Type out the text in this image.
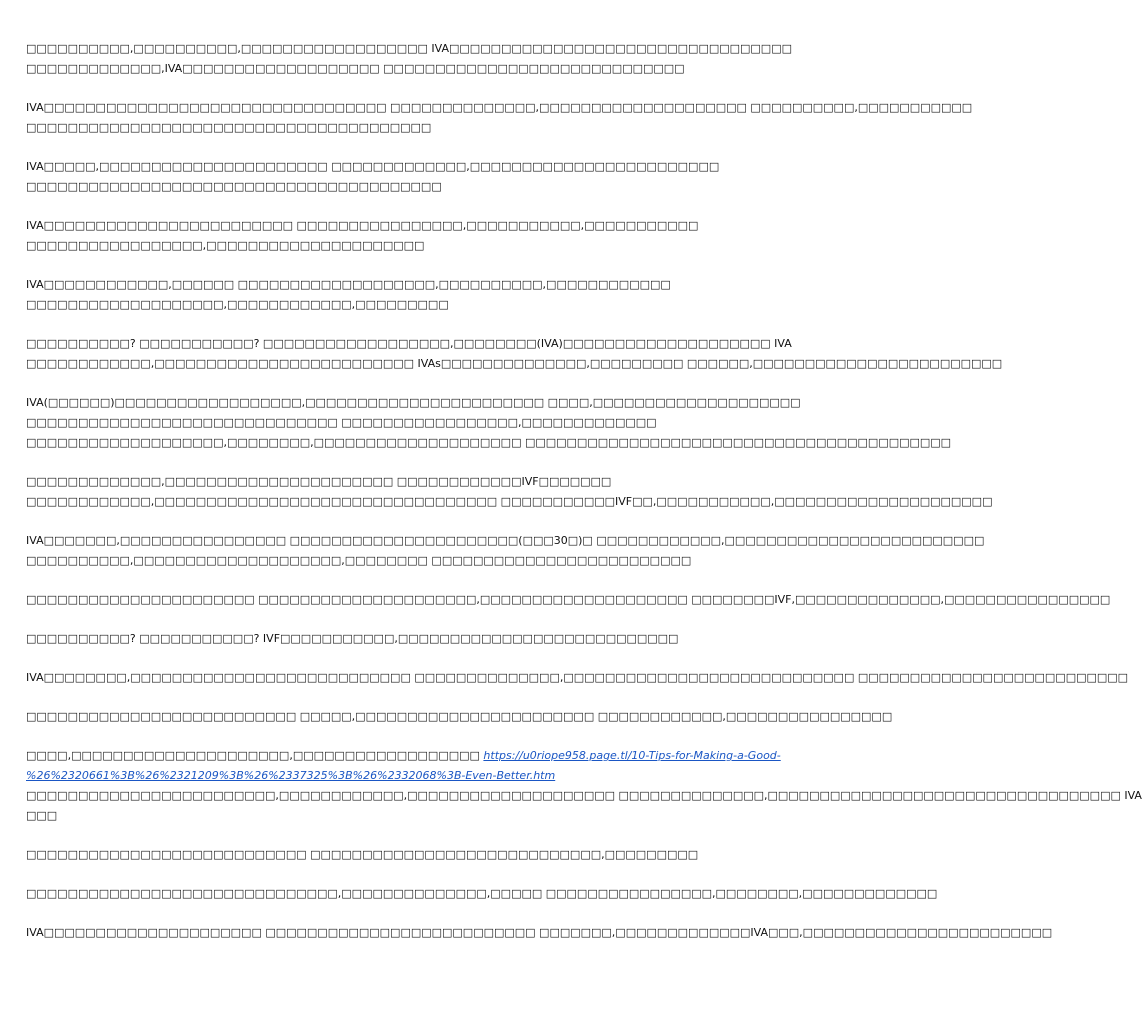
□□□□□□□□□□,□□□□□□□□□□,□□□□□□□□□□□□□□□□□□ IVA□□□□□□□□□□□□□□□□□□□□□□□□□□□□□□□□□
□□□□□□□□□□□□□,IVA□□□□□□□□□□□□□□□□□□□ □□□□□□□□□□□□□□□□□□□□□□□□□□□□□
IVA□□□□□□□□□□□□□□□□□□□□□□□□□□□□□□□□□ □□□□□□□□□□□□□□,□□□□□□□□□□□□□□□□□□□□ □□□□□□□□□□,□□□□□□□□□□□
□□□□□□□□□□□□□□□□□□□□□□□□□□□□□□□□□□□□□□□
IVA□□□□□,□□□□□□□□□□□□□□□□□□□□□□ □□□□□□□□□□□□□,□□□□□□□□□□□□□□□□□□□□□□□□
□□□□□□□□□□□□□□□□□□□□□□□□□□□□□□□□□□□□□□□□
IVA□□□□□□□□□□□□□□□□□□□□□□□□ □□□□□□□□□□□□□□□□,□□□□□□□□□□□,□□□□□□□□□□□
□□□□□□□□□□□□□□□□□,□□□□□□□□□□□□□□□□□□□□□
IVA□□□□□□□□□□□□,□□□□□□ □□□□□□□□□□□□□□□□□□□,□□□□□□□□□□,□□□□□□□□□□□□
□□□□□□□□□□□□□□□□□□□,□□□□□□□□□□□□,□□□□□□□□□
□□□□□□□□□□? □□□□□□□□□□□? □□□□□□□□□□□□□□□□□□,□□□□□□□□(IVA)□□□□□□□□□□□□□□□□□□□□ IVA
□□□□□□□□□□□□,□□□□□□□□□□□□□□□□□□□□□□□□□ IVAs□□□□□□□□□□□□□□,□□□□□□□□□ □□□□□□,□□□□□□□□□□□□□□□□□□□□□□□□
IVA(□□□□□□)□□□□□□□□□□□□□□□□□□,□□□□□□□□□□□□□□□□□□□□□□□ □□□□,□□□□□□□□□□□□□□□□□□□□
□□□□□□□□□□□□□□□□□□□□□□□□□□□□□□ □□□□□□□□□□□□□□□□□,□□□□□□□□□□□□□
□□□□□□□□□□□□□□□□□□□,□□□□□□□□,□□□□□□□□□□□□□□□□□□□□ □□□□□□□□□□□□□□□□□□□□□□□□□□□□□□□□□□□□□□□□□
□□□□□□□□□□□□□,□□□□□□□□□□□□□□□□□□□□□□ □□□□□□□□□□□□IVF□□□□□□□
□□□□□□□□□□□□,□□□□□□□□□□□□□□□□□□□□□□□□□□□□□□□□□ □□□□□□□□□□□IVF□□,□□□□□□□□□□□,□□□□□□□□□□□□□□□□□□□□□
IVA□□□□□□□,□□□□□□□□□□□□□□□□ □□□□□□□□□□□□□□□□□□□□□□(□□□30□)□ □□□□□□□□□□□□,□□□□□□□□□□□□□□□□□□□□□□□□□
□□□□□□□□□□,□□□□□□□□□□□□□□□□□□□□,□□□□□□□□ □□□□□□□□□□□□□□□□□□□□□□□□□
□□□□□□□□□□□□□□□□□□□□□□ □□□□□□□□□□□□□□□□□□□□□,□□□□□□□□□□□□□□□□□□□□ □□□□□□□□IVF,□□□□□□□□□□□□□□,□□□□□□□□□□□□□□□□
□□□□□□□□□□? □□□□□□□□□□□? IVF□□□□□□□□□□□,□□□□□□□□□□□□□□□□□□□□□□□□□□□
IVA□□□□□□□□,□□□□□□□□□□□□□□□□□□□□□□□□□□□ □□□□□□□□□□□□□□,□□□□□□□□□□□□□□□□□□□□□□□□□□□□ □□□□□□□□□□□□□□□□□□□□□□□□□□
□□□□□□□□□□□□□□□□□□□□□□□□□□ □□□□□,□□□□□□□□□□□□□□□□□□□□□□□ □□□□□□□□□□□□,□□□□□□□□□□□□□□□□
□□□□,□□□□□□□□□□□□□□□□□□□□□,□□□□□□□□□□□□□□□□□□ https://u0riope958.page.tl/10-Tips-for-Making-a-Good-
%26%2320661%3B%26%2321209%3B%26%2337325%3B%26%2332068%3B-Even-Better.htm
□□□□□□□□□□□□□□□□□□□□□□□□,□□□□□□□□□□□□,□□□□□□□□□□□□□□□□□□□□ □□□□□□□□□□□□□□,□□□□□□□□□□□□□□□□□□□□□□□□□□□□□□□□□□ IVA
□□□
□□□□□□□□□□□□□□□□□□□□□□□□□□□ □□□□□□□□□□□□□□□□□□□□□□□□□□□□,□□□□□□□□□
□□□□□□□□□□□□□□□□□□□□□□□□□□□□□□,□□□□□□□□□□□□□□,□□□□□ □□□□□□□□□□□□□□□□,□□□□□□□□,□□□□□□□□□□□□□
IVA□□□□□□□□□□□□□□□□□□□□□ □□□□□□□□□□□□□□□□□□□□□□□□□□ □□□□□□□,□□□□□□□□□□□□□IVA□□□,□□□□□□□□□□□□□□□□□□□□□□□□
